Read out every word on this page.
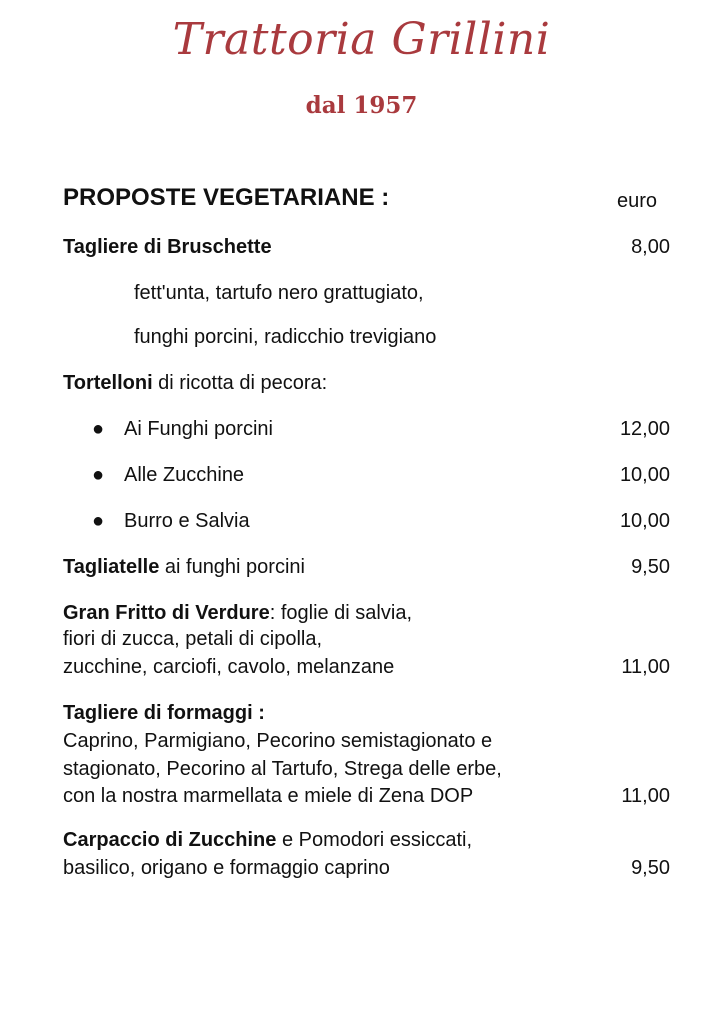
Trattoria Grillini
dal 1957
PROPOSTE VEGETARIANE :	euro
Tagliere di Bruschette	8,00
fett'unta, tartufo nero grattugiato,
funghi porcini, radicchio trevigiano
Tortelloni di ricotta di pecora:
● Ai Funghi porcini	12,00
● Alle Zucchine	10,00
● Burro e Salvia	10,00
Tagliatelle ai funghi porcini	9,50
Gran Fritto di Verdure: foglie di salvia,
fiori di zucca, petali di cipolla,
zucchine, carciofi, cavolo, melanzane	11,00
Tagliere di formaggi :
Caprino, Parmigiano, Pecorino semistagionato e
stagionato, Pecorino al Tartufo, Strega delle erbe,
con la nostra marmellata e miele di Zena DOP	11,00
Carpaccio di Zucchine e Pomodori essiccati,
basilico, origano e formaggio caprino	9,50
